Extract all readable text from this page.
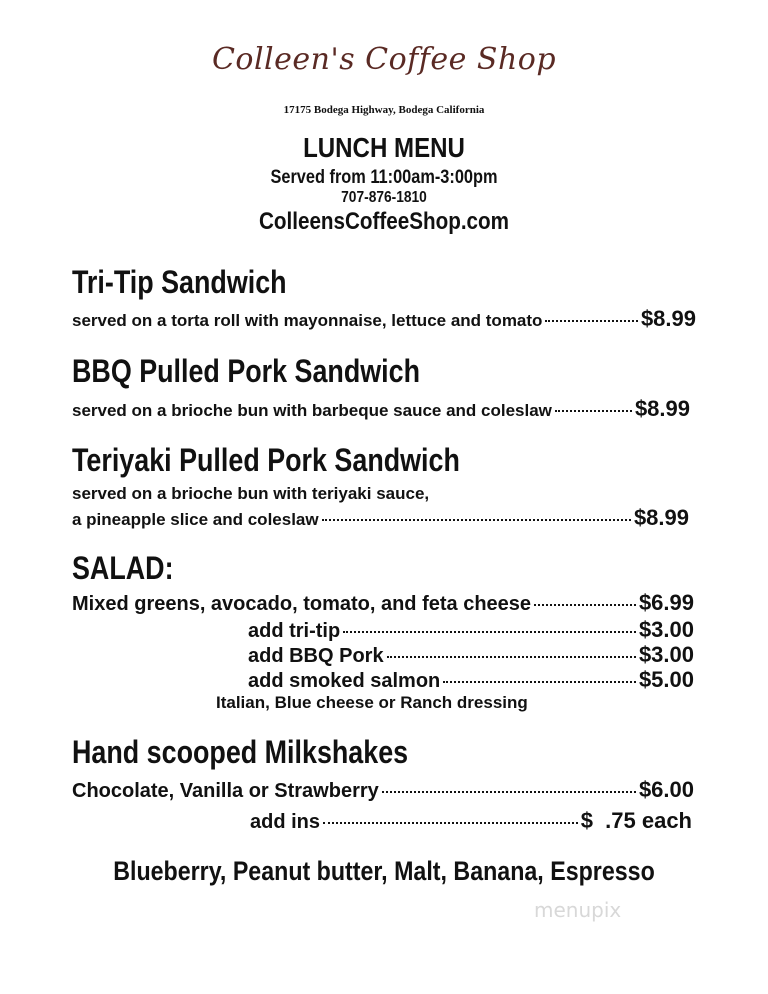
Colleen's Coffee Shop
17175 Bodega Highway, Bodega California
LUNCH MENU
Served from 11:00am-3:00pm
707-876-1810
ColleensCoffeeShop.com
Tri-Tip Sandwich
served on a torta roll with mayonnaise, lettuce and tomato	$8.99
BBQ Pulled Pork Sandwich
served on a brioche bun with barbeque sauce and coleslaw	$8.99
Teriyaki Pulled Pork Sandwich
served on a brioche bun with teriyaki sauce,
a pineapple slice and coleslaw	$8.99
SALAD:
Mixed greens, avocado, tomato, and feta cheese	$6.99
add tri-tip	$3.00
add BBQ Pork	$3.00
add smoked salmon	$5.00
Italian, Blue cheese or Ranch dressing
Hand scooped Milkshakes
Chocolate, Vanilla or Strawberry	$6.00
add ins	$  .75 each
Blueberry, Peanut butter, Malt, Banana, Espresso
menupix
